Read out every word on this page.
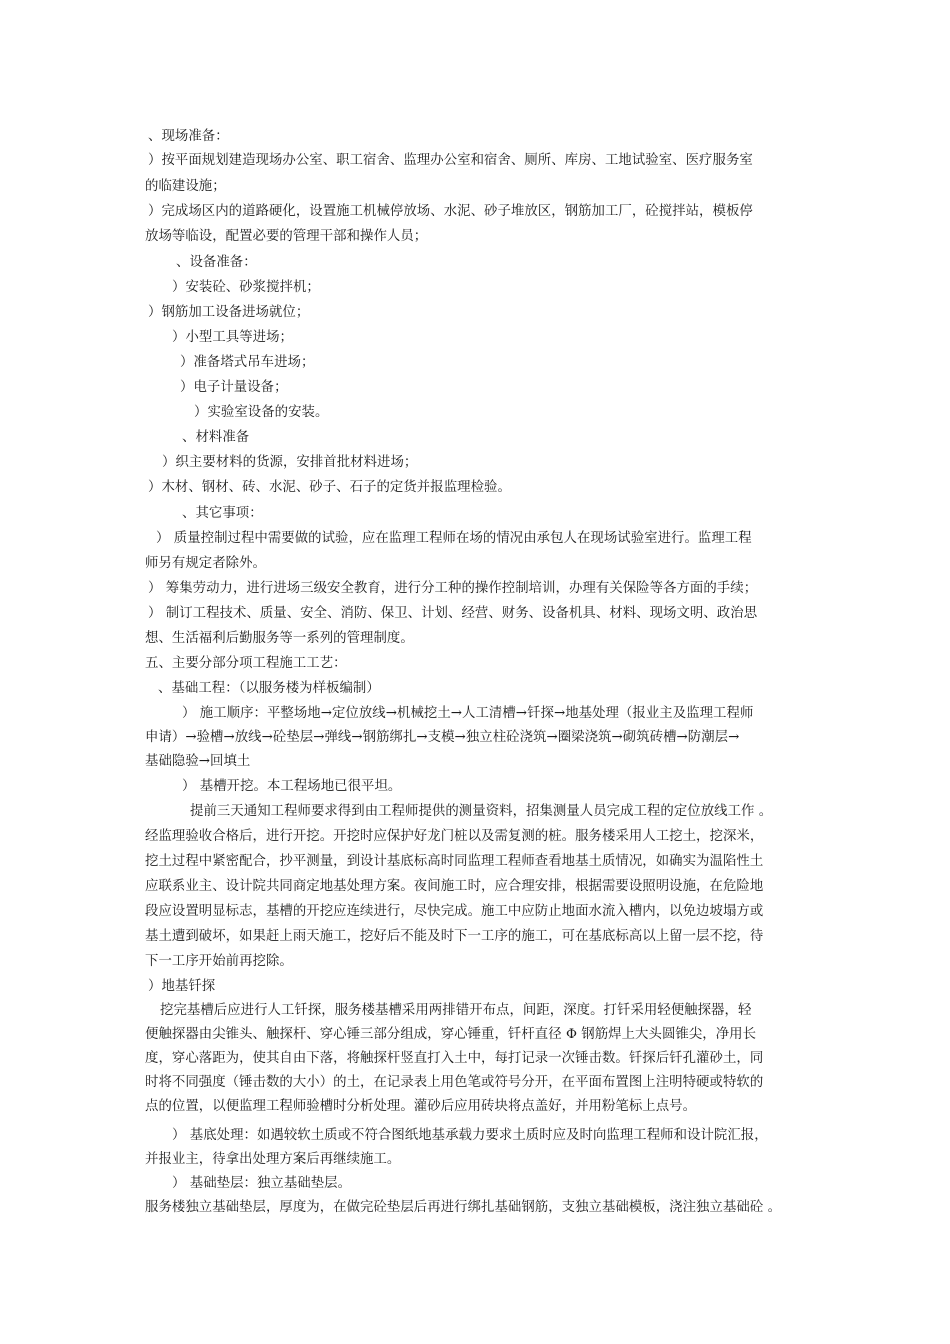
、现场准备：

）按平面规划建造现场办公室、职工宿舍、监理办公室和宿舍、厕所、库房、工地试验室、医疗服务室

的临建设施；

）完成场区内的道路硬化，设置施工机械停放场、水泥、砂子堆放区，钢筋加工厂，砼搅拌站，模板停

放场等临设，配置必要的管理干部和操作人员；

、设备准备：

）安装砼、砂浆搅拌机；

）钢筋加工设备进场就位；

）小型工具等进场；

）准备塔式吊车进场；

）电子计量设备；

）实验室设备的安装。

、材料准备

）织主要材料的货源，安排首批材料进场；

）木材、钢材、砖、水泥、砂子、石子的定货并报监理检验。

、其它事项：

） 质量控制过程中需要做的试验，应在监理工程师在场的情况由承包人在现场试验室进行。监理工程

师另有规定者除外。

） 筹集劳动力，进行进场三级安全教育，进行分工种的操作控制培训，办理有关保险等各方面的手续；

） 制订工程技术、质量、安全、消防、保卫、计划、经营、财务、设备机具、材料、现场文明、政治思

想、生活福利后勤服务等一系列的管理制度。

五、主要分部分项工程施工工艺：

、基础工程：（以服务楼为样板编制）

） 施工顺序：平整场地→定位放线→机械挖土→人工清槽→钎探→地基处理（报业主及监理工程师

申请）→验槽→放线→砼垫层→弹线→钢筋绑扎→支模→独立柱砼浇筑→圈梁浇筑→砌筑砖槽→防潮层→

基础隐验→回填土

） 基槽开挖。本工程场地已很平坦。

提前三天通知工程师要求得到由工程师提供的测量资料，招集测量人员完成工程的定位放线工作 。

经监理验收合格后，进行开挖。开挖时应保护好龙门桩以及需复测的桩。服务楼采用人工挖土，挖深米，

挖土过程中紧密配合，抄平测量，到设计基底标高时同监理工程师查看地基土质情况，如确实为温陷性土

应联系业主、设计院共同商定地基处理方案。夜间施工时，应合理安排，根据需要设照明设施，在危险地

段应设置明显标志，基槽的开挖应连续进行，尽快完成。施工中应防止地面水流入槽内，以免边坡塌方或

基土遭到破坏，如果赶上雨天施工，挖好后不能及时下一工序的施工，可在基底标高以上留一层不挖，待

下一工序开始前再挖除。

）地基钎探

挖完基槽后应进行人工钎探，服务楼基槽采用两排错开布点，间距，深度。打钎采用轻便触探器，轻

便触探器由尖锥头、触探杆、穿心锤三部分组成，穿心锤重，钎杆直径 Φ 钢筋焊上大头圆锥尖，净用长

度，穿心落距为，使其自由下落，将触探杆竖直打入土中，每打记录一次锤击数。钎探后钎孔灌砂土，同

时将不同强度（锤击数的大小）的土，在记录表上用色笔或符号分开，在平面布置图上注明特硬或特软的

点的位置，以便监理工程师验槽时分析处理。灌砂后应用砖块将点盖好，并用粉笔标上点号。

） 基底处理：如遇较软土质或不符合图纸地基承载力要求土质时应及时向监理工程师和设计院汇报，

并报业主，待拿出处理方案后再继续施工。

） 基础垫层：独立基础垫层。

服务楼独立基础垫层，厚度为，在做完砼垫层后再进行绑扎基础钢筋，支独立基础模板，浇注独立基础砼 。
